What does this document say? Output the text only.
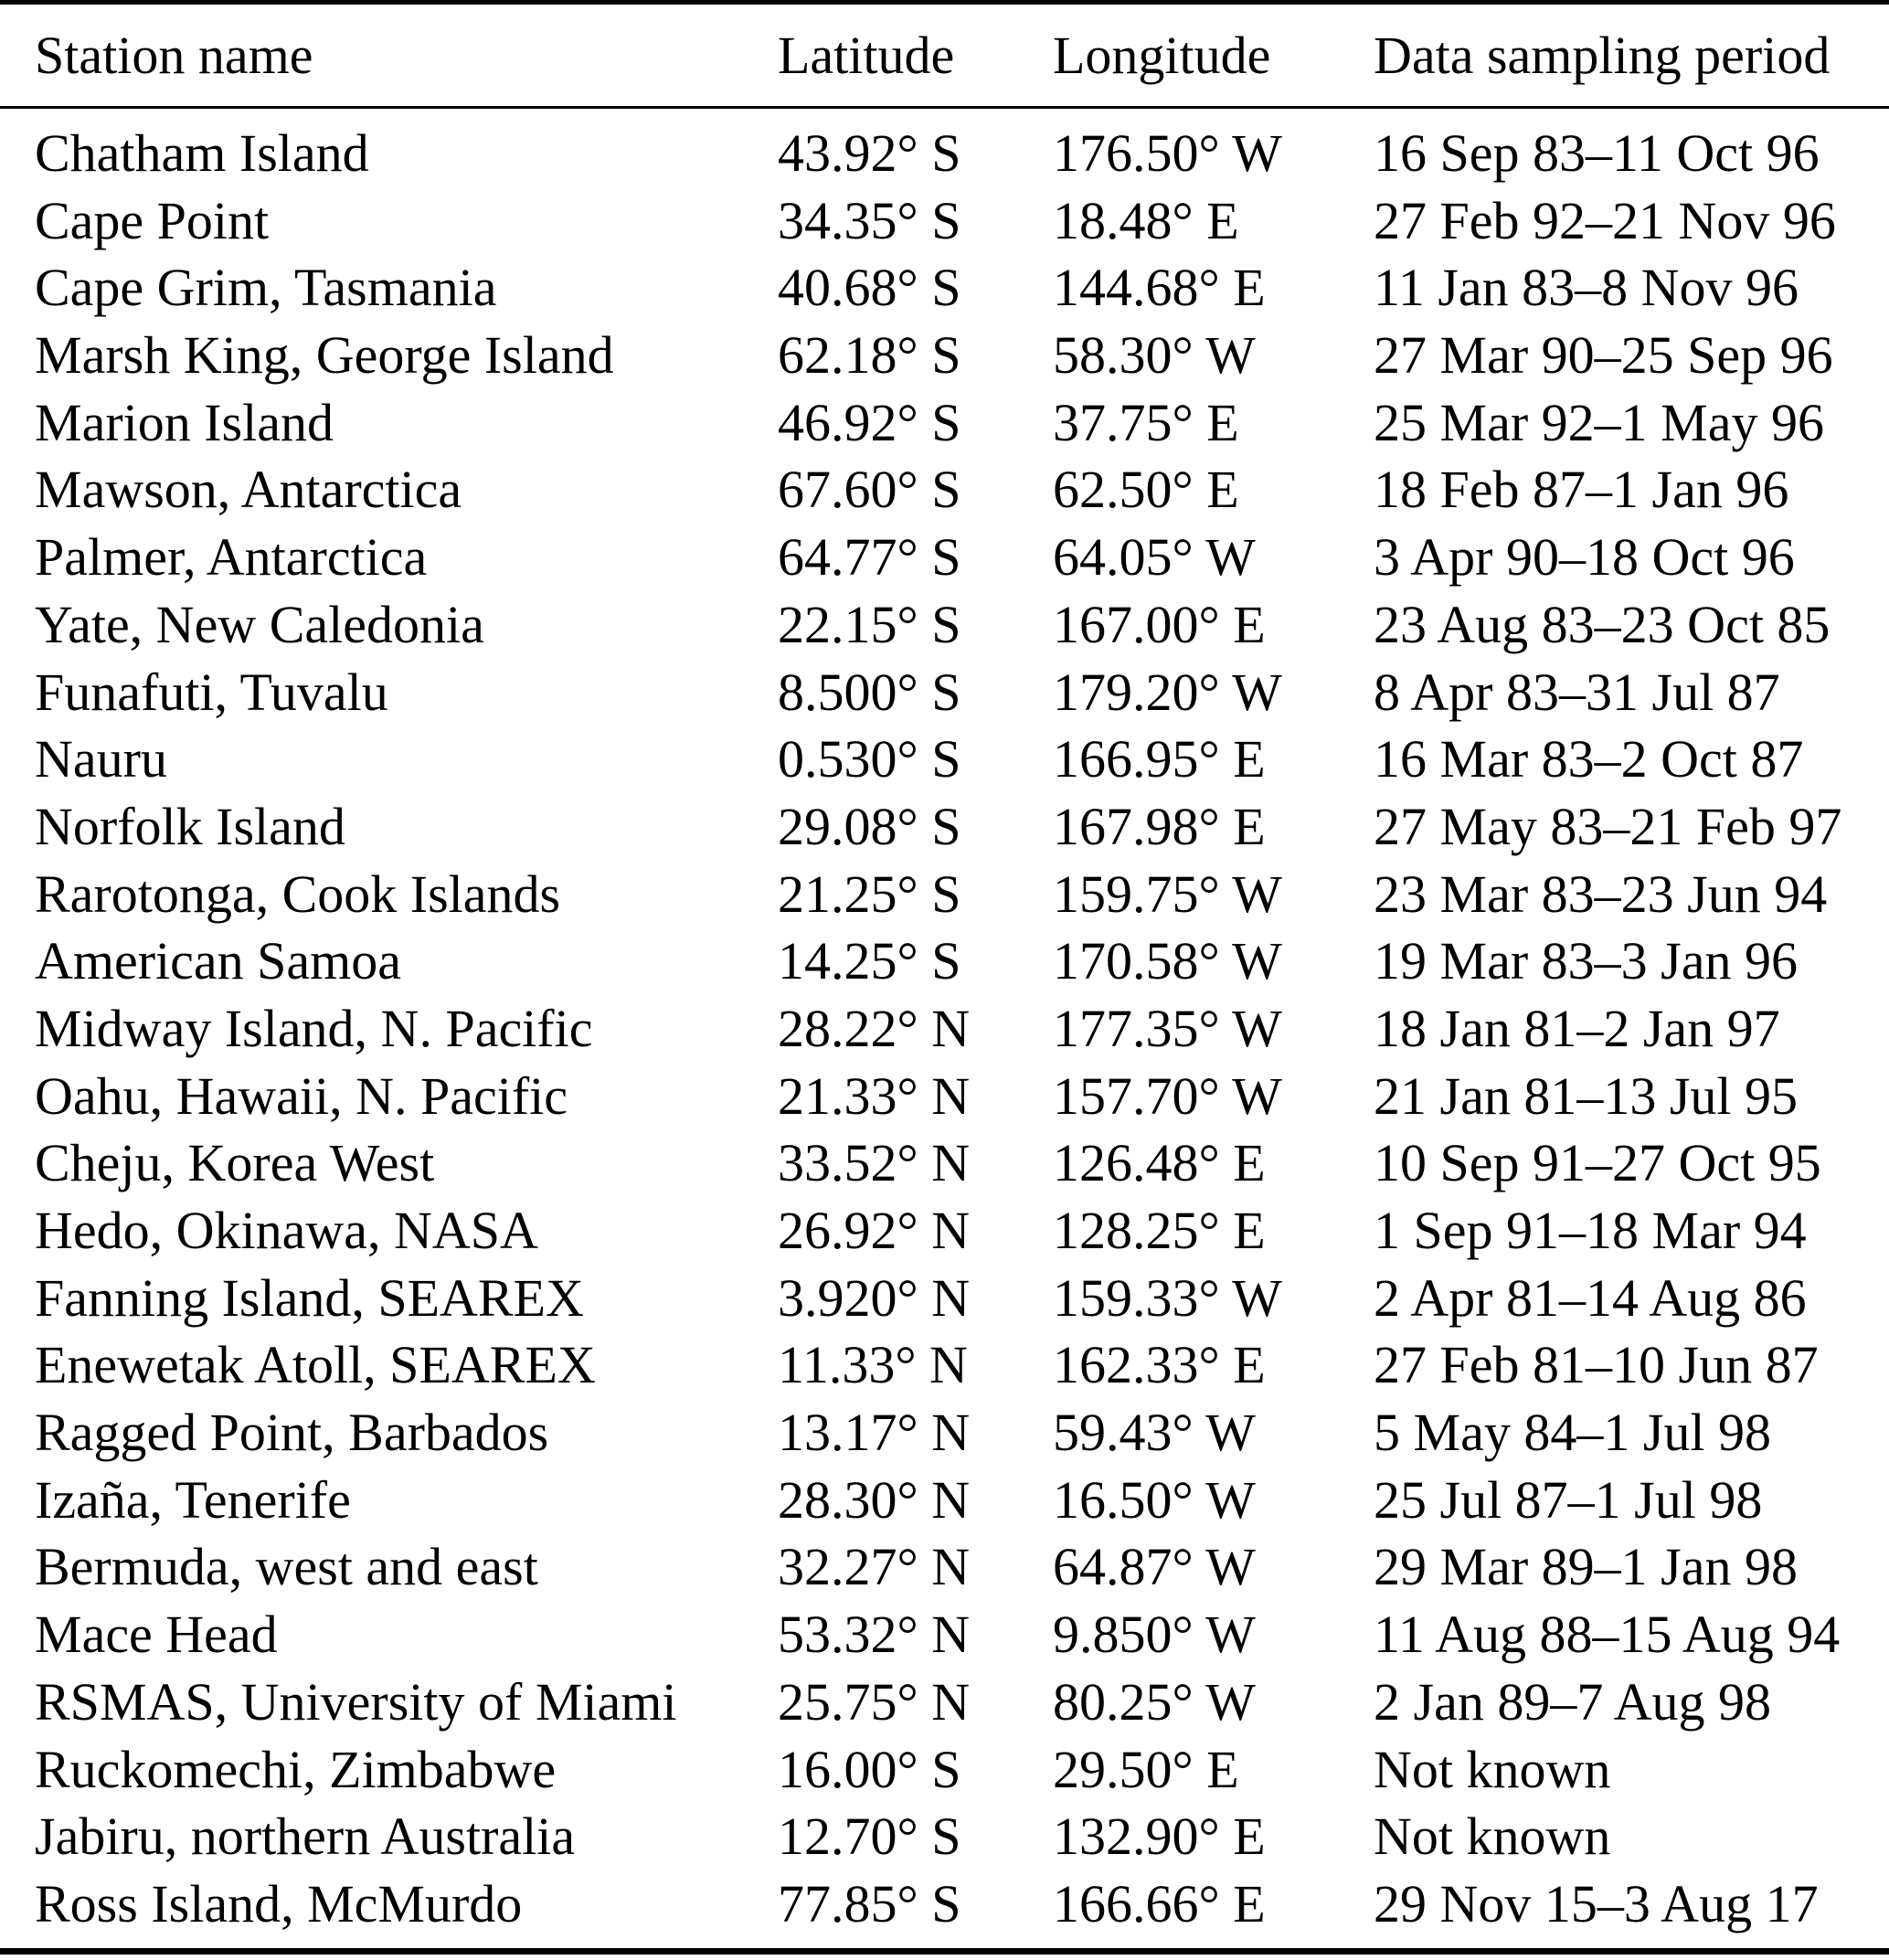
Station name	Latitude	Longitude	Data sampling period
Chatham Island	43.92° S	176.50° W	16 Sep 83–11 Oct 96
Cape Point	34.35° S	18.48° E	27 Feb 92–21 Nov 96
Cape Grim, Tasmania	40.68° S	144.68° E	11 Jan 83–8 Nov 96
Marsh King, George Island	62.18° S	58.30° W	27 Mar 90–25 Sep 96
Marion Island	46.92° S	37.75° E	25 Mar 92–1 May 96
Mawson, Antarctica	67.60° S	62.50° E	18 Feb 87–1 Jan 96
Palmer, Antarctica	64.77° S	64.05° W	3 Apr 90–18 Oct 96
Yate, New Caledonia	22.15° S	167.00° E	23 Aug 83–23 Oct 85
Funafuti, Tuvalu	8.500° S	179.20° W	8 Apr 83–31 Jul 87
Nauru	0.530° S	166.95° E	16 Mar 83–2 Oct 87
Norfolk Island	29.08° S	167.98° E	27 May 83–21 Feb 97
Rarotonga, Cook Islands	21.25° S	159.75° W	23 Mar 83–23 Jun 94
American Samoa	14.25° S	170.58° W	19 Mar 83–3 Jan 96
Midway Island, N. Pacific	28.22° N	177.35° W	18 Jan 81–2 Jan 97
Oahu, Hawaii, N. Pacific	21.33° N	157.70° W	21 Jan 81–13 Jul 95
Cheju, Korea West	33.52° N	126.48° E	10 Sep 91–27 Oct 95
Hedo, Okinawa, NASA	26.92° N	128.25° E	1 Sep 91–18 Mar 94
Fanning Island, SEAREX	3.920° N	159.33° W	2 Apr 81–14 Aug 86
Enewetak Atoll, SEAREX	11.33° N	162.33° E	27 Feb 81–10 Jun 87
Ragged Point, Barbados	13.17° N	59.43° W	5 May 84–1 Jul 98
Izaña, Tenerife	28.30° N	16.50° W	25 Jul 87–1 Jul 98
Bermuda, west and east	32.27° N	64.87° W	29 Mar 89–1 Jan 98
Mace Head	53.32° N	9.850° W	11 Aug 88–15 Aug 94
RSMAS, University of Miami	25.75° N	80.25° W	2 Jan 89–7 Aug 98
Ruckomechi, Zimbabwe	16.00° S	29.50° E	Not known
Jabiru, northern Australia	12.70° S	132.90° E	Not known
Ross Island, McMurdo	77.85° S	166.66° E	29 Nov 15–3 Aug 17
